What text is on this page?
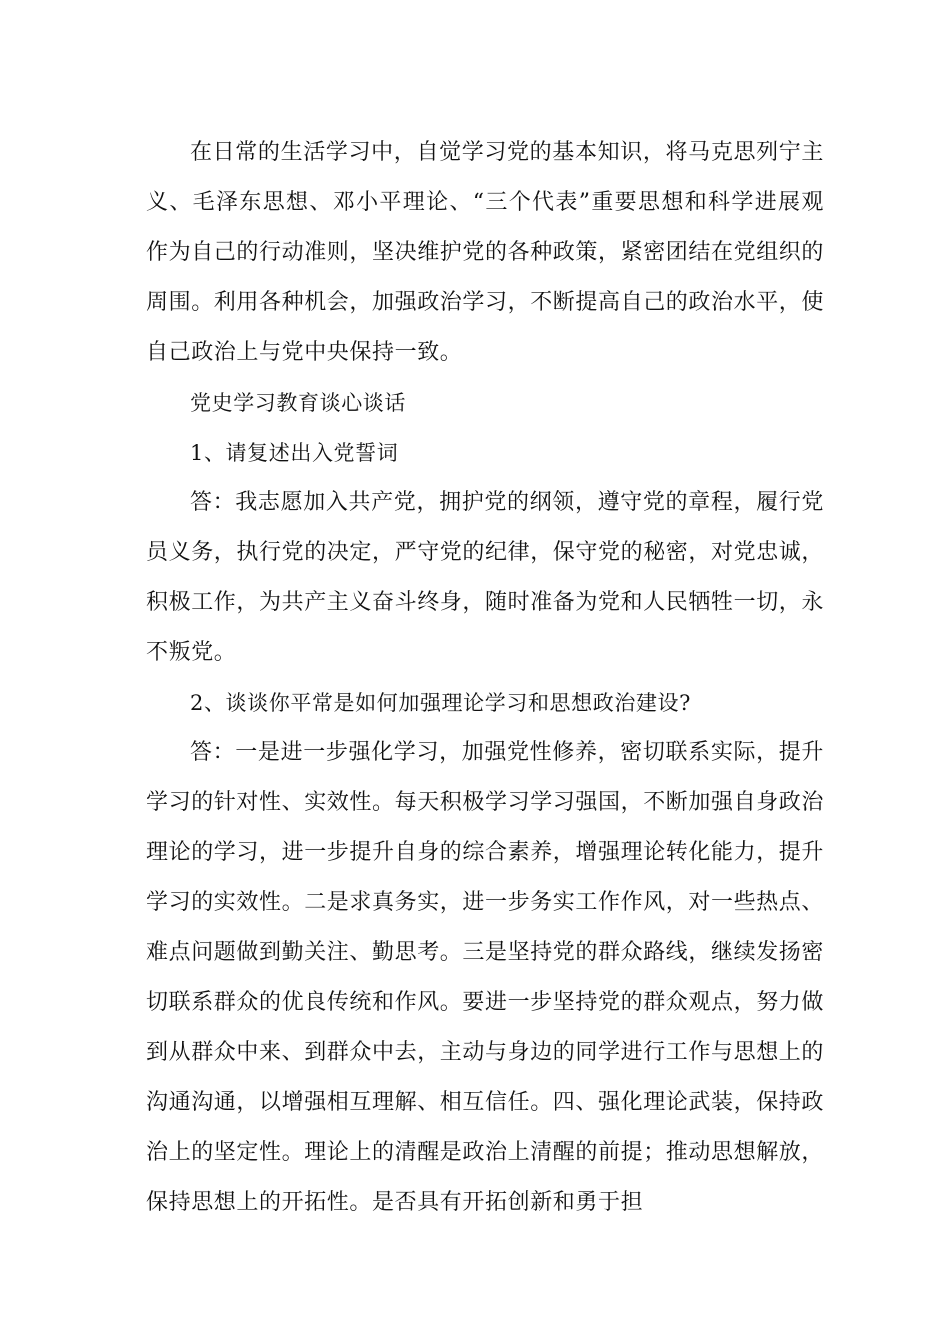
在日常的生活学习中，自觉学习党的基本知识，将马克思列宁主义、毛泽东思想、邓小平理论、“三个代表”重要思想和科学进展观作为自己的行动准则，坚决维护党的各种政策，紧密团结在党组织的周围。利用各种机会，加强政治学习，不断提高自己的政治水平，使自己政治上与党中央保持一致。

党史学习教育谈心谈话

1、请复述出入党誓词

答：我志愿加入共产党，拥护党的纲领，遵守党的章程，履行党员义务，执行党的决定，严守党的纪律，保守党的秘密，对党忠诚，积极工作，为共产主义奋斗终身，随时准备为党和人民牺牲一切，永不叛党。

2、谈谈你平常是如何加强理论学习和思想政治建设?

答：一是进一步强化学习，加强党性修养，密切联系实际，提升学习的针对性、实效性。每天积极学习学习强国，不断加强自身政治理论的学习，进一步提升自身的综合素养，增强理论转化能力，提升学习的实效性。二是求真务实，进一步务实工作作风，对一些热点、难点问题做到勤关注、勤思考。三是坚持党的群众路线，继续发扬密切联系群众的优良传统和作风。要进一步坚持党的群众观点，努力做到从群众中来、到群众中去，主动与身边的同学进行工作与思想上的沟通沟通，以增强相互理解、相互信任。四、强化理论武装，保持政治上的坚定性。理论上的清醒是政治上清醒的前提；推动思想解放，保持思想上的开拓性。是否具有开拓创新和勇于担
